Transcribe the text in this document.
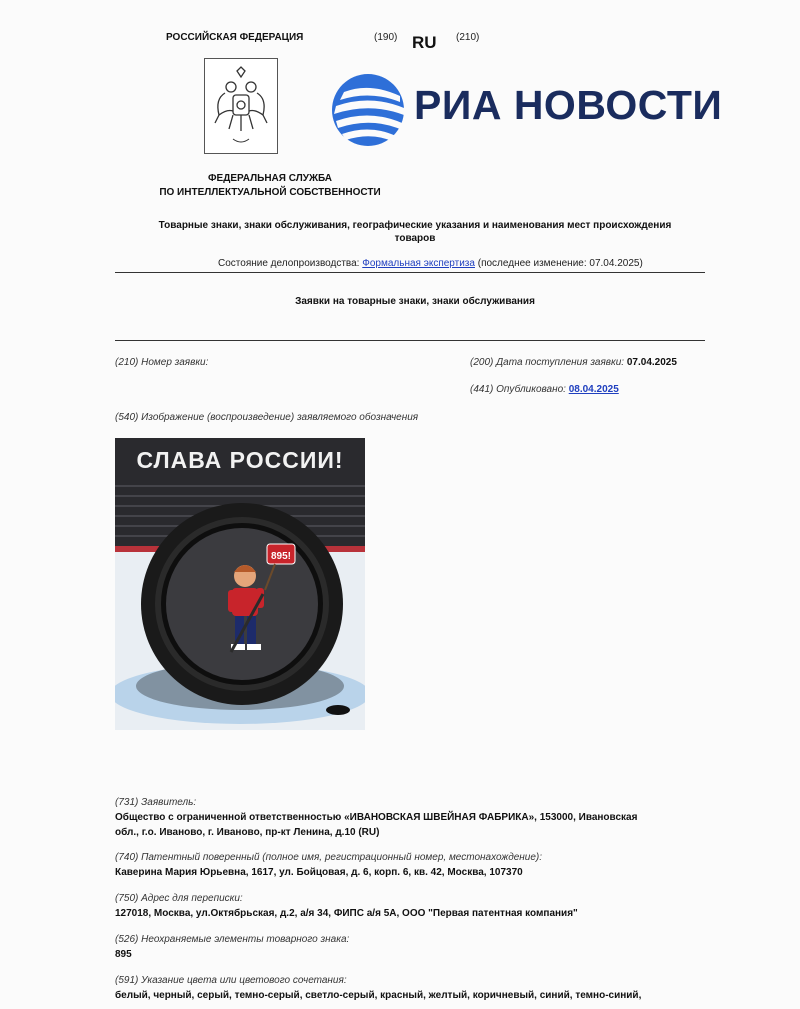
РОССИЙСКАЯ ФЕДЕРАЦИЯ	(190) RU (210)
РИА НОВОСТИ
ФЕДЕРАЛЬНАЯ СЛУЖБА
ПО ИНТЕЛЛЕКТУАЛЬНОЙ СОБСТВЕННОСТИ
Товарные знаки, знаки обслуживания, географические указания и наименования мест происхождения
товаров
Состояние делопроизводства: Формальная экспертиза (последнее изменение: 07.04.2025)
Заявки на товарные знаки, знаки обслуживания
(210) Номер заявки:	(200) Дата поступления заявки: 07.04.2025
(441) Опубликовано: 08.04.2025
(540) Изображение (воспроизведение) заявляемого обозначения
895!
СЛАВА РОССИИ!
(731) Заявитель:
Общество с ограниченной ответственностью «ИВАНОВСКАЯ ШВЕЙНАЯ ФАБРИКА», 153000, Ивановская
обл., г.о. Иваново, г. Иваново, пр-кт Ленина, д.10 (RU)
(740) Патентный поверенный (полное имя, регистрационный номер, местонахождение):
Каверина Мария Юрьевна, 1617, ул. Бойцовая, д. 6, корп. 6, кв. 42, Москва, 107370
(750) Адрес для переписки:
127018, Москва, ул.Октябрьская, д.2, а/я 34, ФИПС а/я 5А, ООО "Первая патентная компания"
(526) Неохраняемые элементы товарного знака:
895
(591) Указание цвета или цветового сочетания:
белый, черный, серый, темно-серый, светло-серый, красный, желтый, коричневый, синий, темно-синий,
